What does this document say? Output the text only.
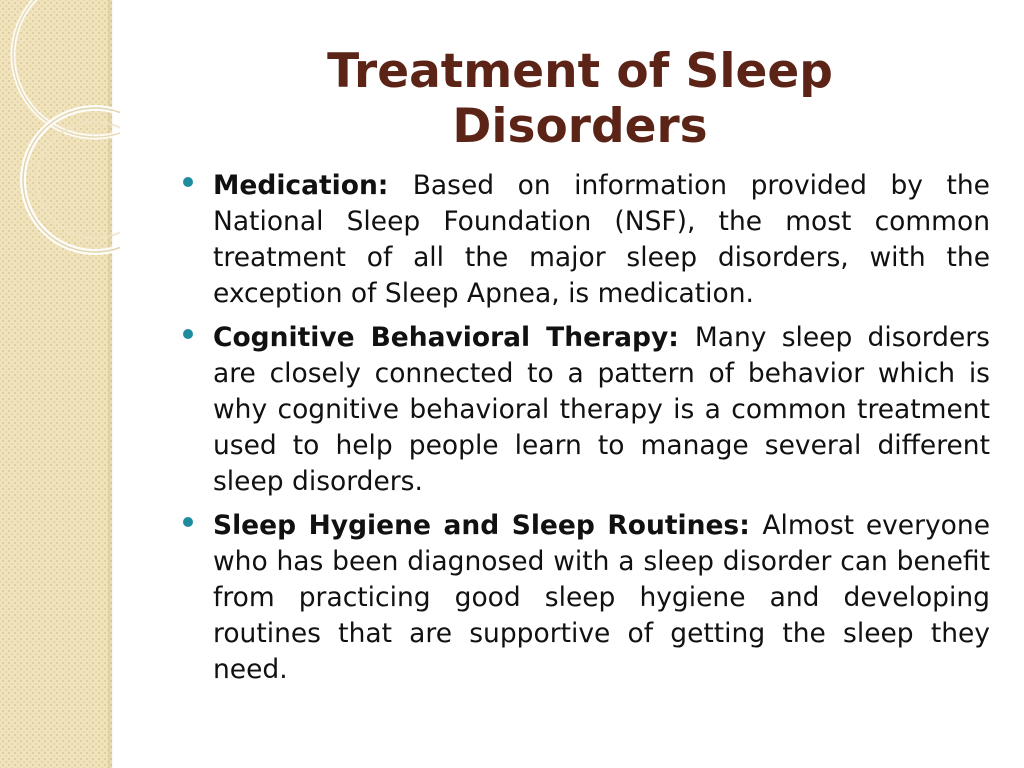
Treatment of Sleep
Disorders
Medication: Based on information provided by the National Sleep Foundation (NSF), the most common treatment of all the major sleep disorders, with the exception of Sleep Apnea, is medication.
Cognitive Behavioral Therapy: Many sleep disorders are closely connected to a pattern of behavior which is why cognitive behavioral therapy is a common treatment used to help people learn to manage several different sleep disorders.
Sleep Hygiene and Sleep Routines: Almost everyone who has been diagnosed with a sleep disorder can benefit from practicing good sleep hygiene and developing routines that are supportive of getting the sleep they need.
